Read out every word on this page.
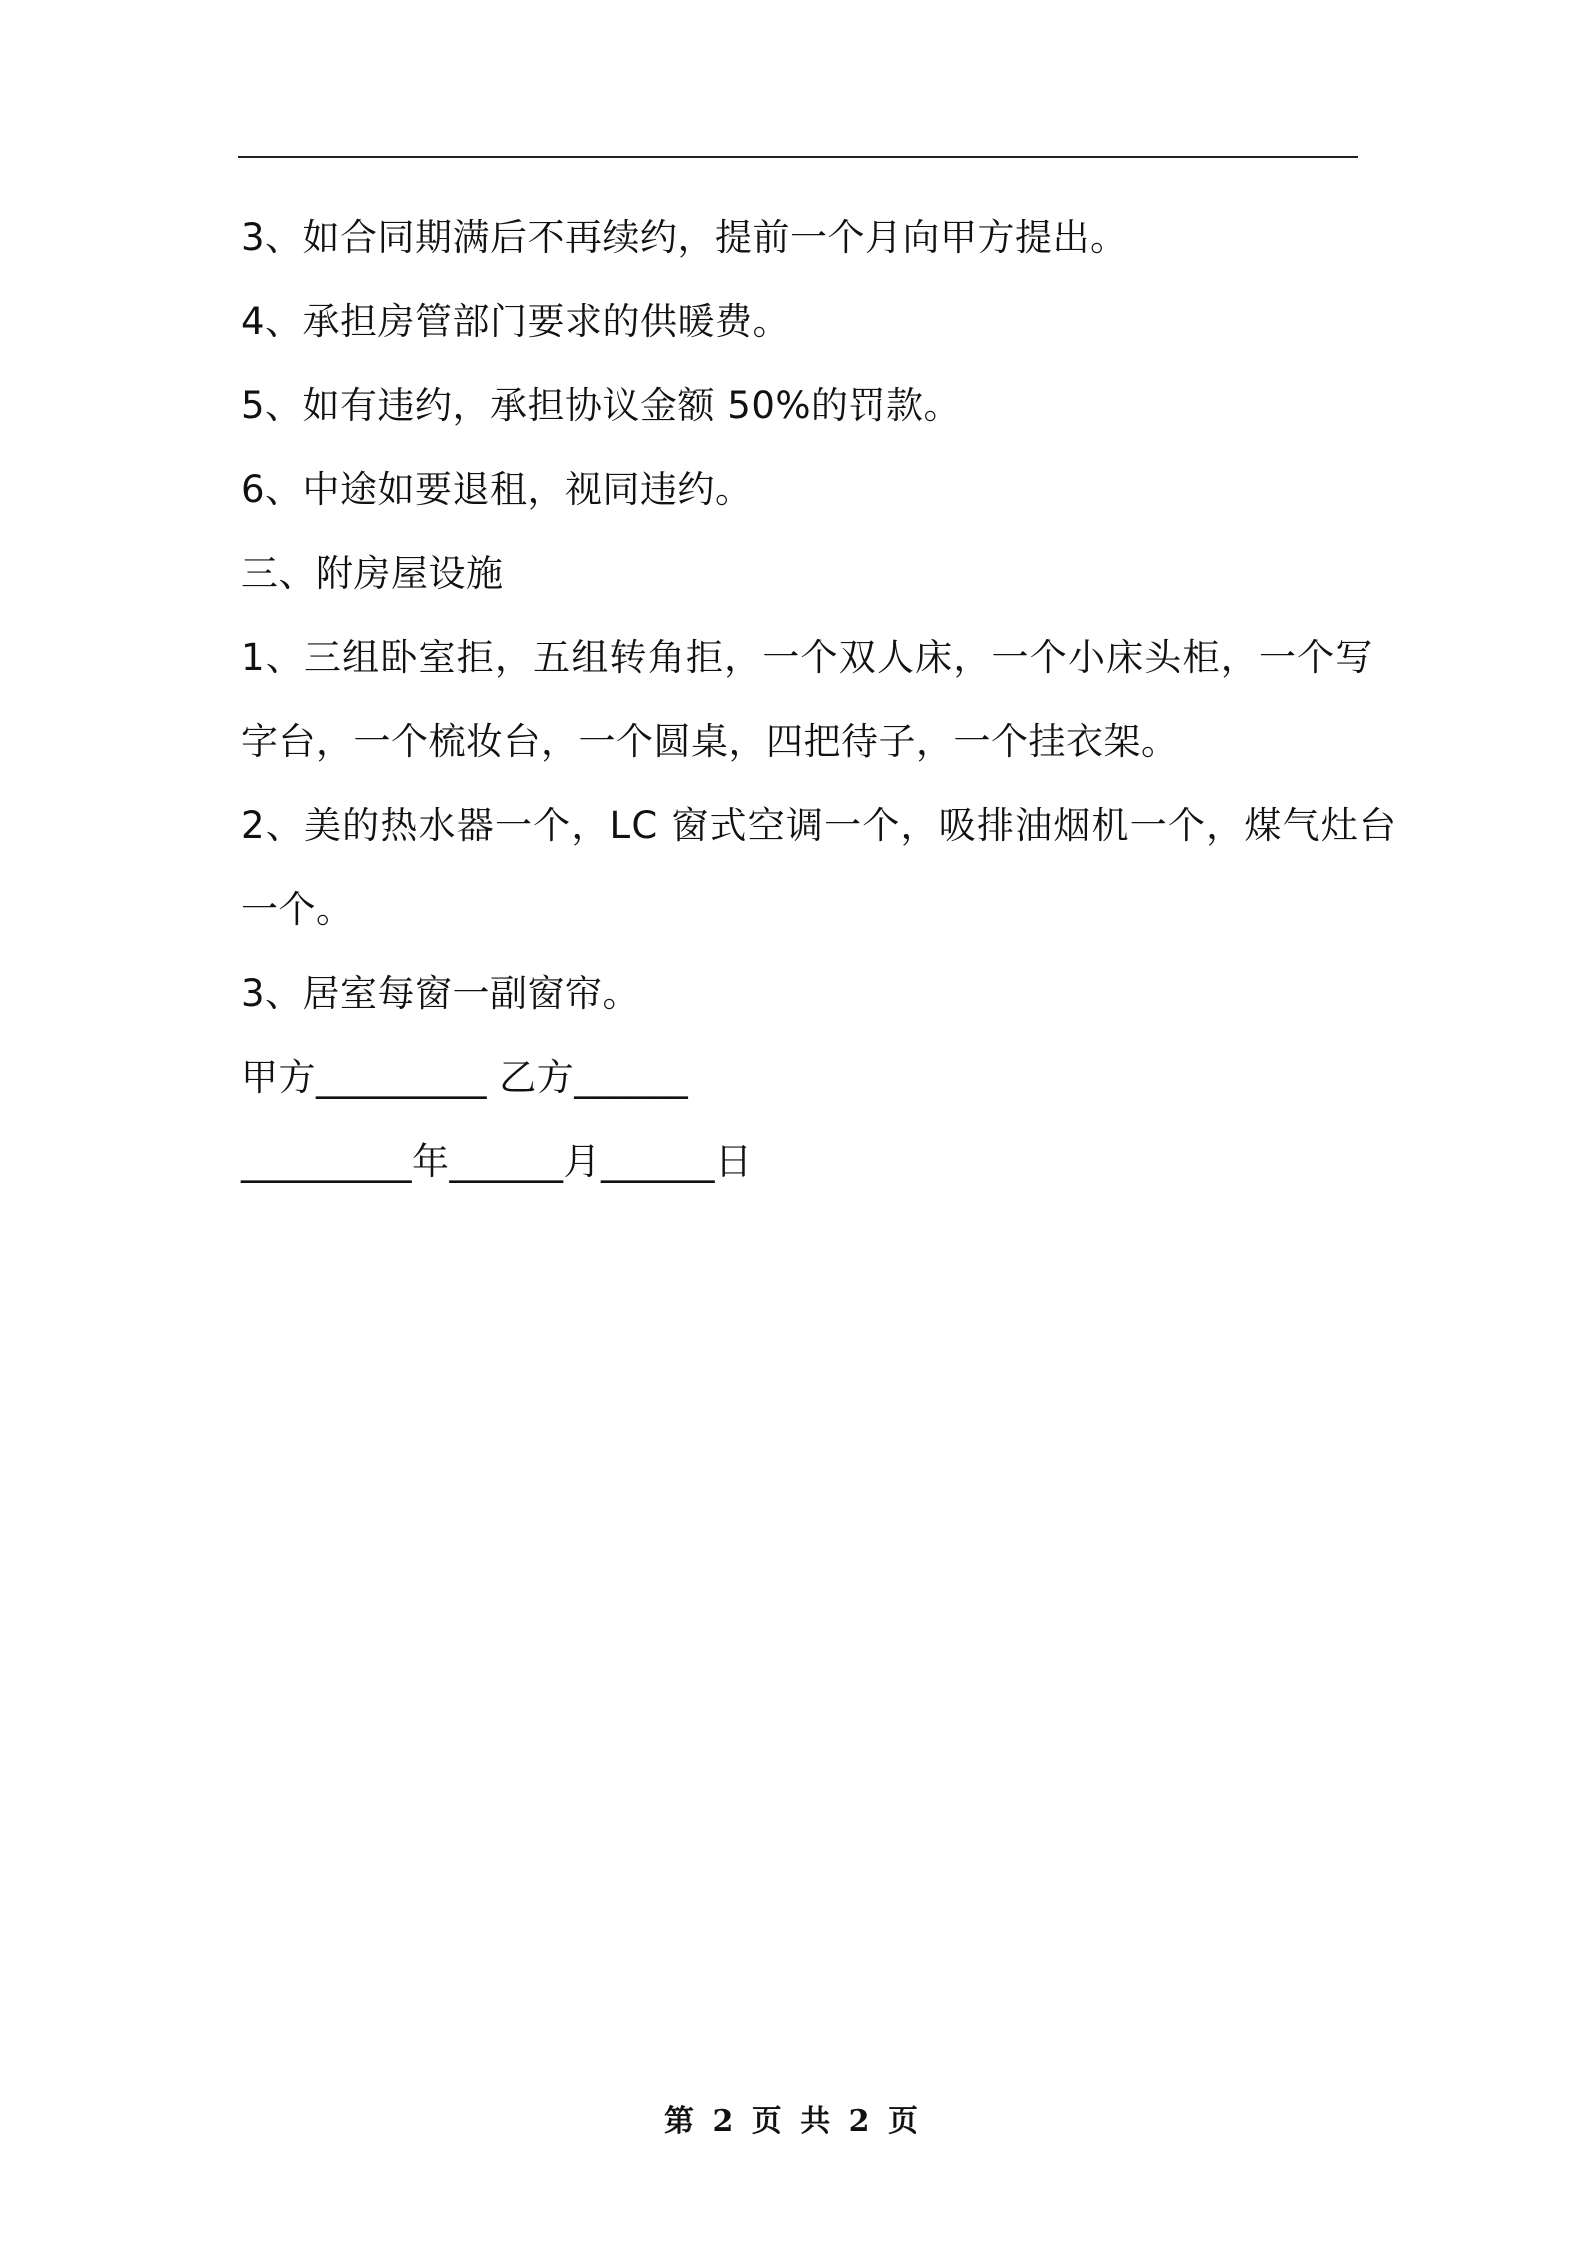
3、如合同期满后不再续约，提前一个月向甲方提出。

4、承担房管部门要求的供暖费。

5、如有违约，承担协议金额 50%的罚款。

6、中途如要退租，视同违约。

三、附房屋设施

1、三组卧室拒，五组转角拒，一个双人床，一个小床头柜，一个写

字台，一个梳妆台，一个圆桌，四把待子，一个挂衣架。

2、美的热水器一个，LC 窗式空调一个，吸排油烟机一个，煤气灶台

一个。

3、居室每窗一副窗帘。

甲方_________ 乙方______

_________年______月______日

第 2 页 共 2 页
